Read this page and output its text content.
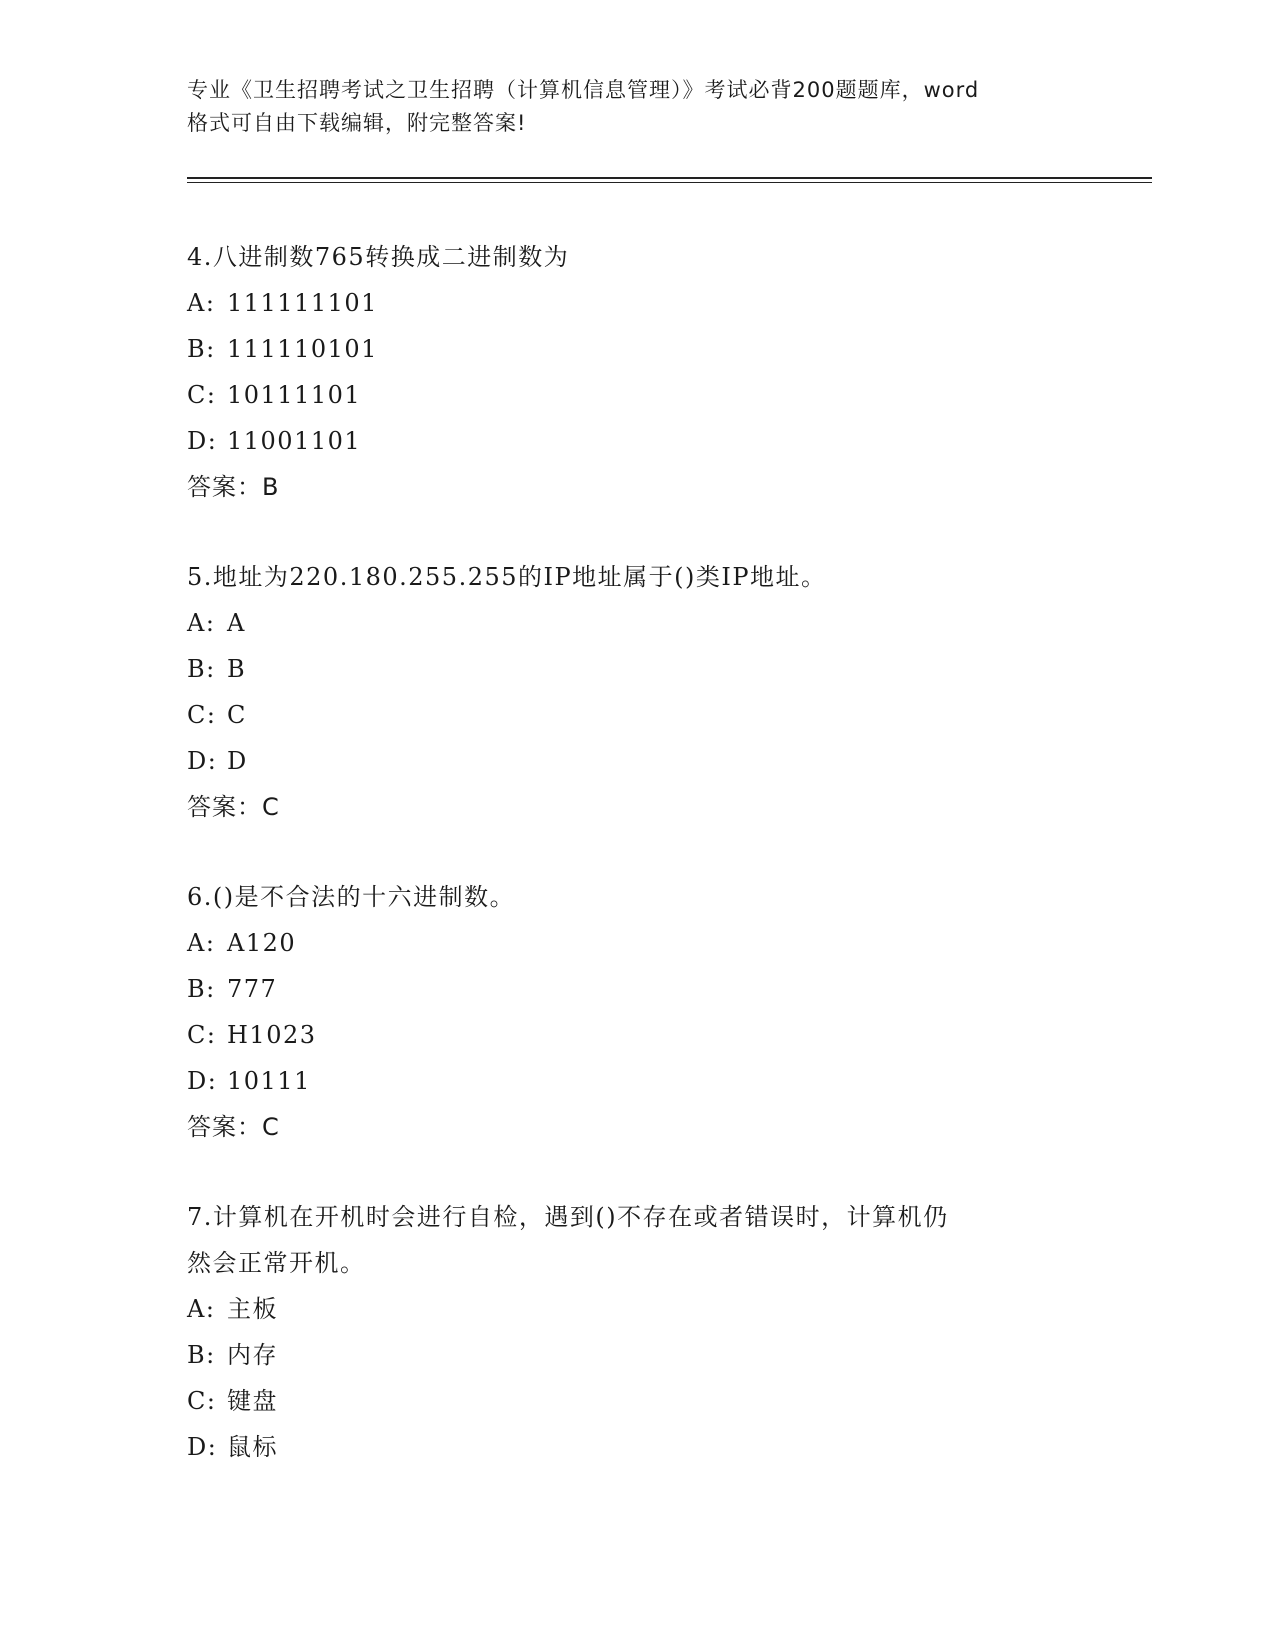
专业《卫生招聘考试之卫生招聘（计算机信息管理）》考试必背200题题库，word
格式可自由下载编辑，附完整答案!
4.八进制数765转换成二进制数为
A: 111111101
B: 111110101
C: 10111101
D: 11001101
答案：B
5.地址为220.180.255.255的IP地址属于()类IP地址。
A: A
B: B
C: C
D: D
答案：C
6.()是不合法的十六进制数。
A: A120
B: 777
C: H1023
D: 10111
答案：C
7.计算机在开机时会进行自检，遇到()不存在或者错误时，计算机仍
然会正常开机。
A: 主板
B: 内存
C: 键盘
D: 鼠标
